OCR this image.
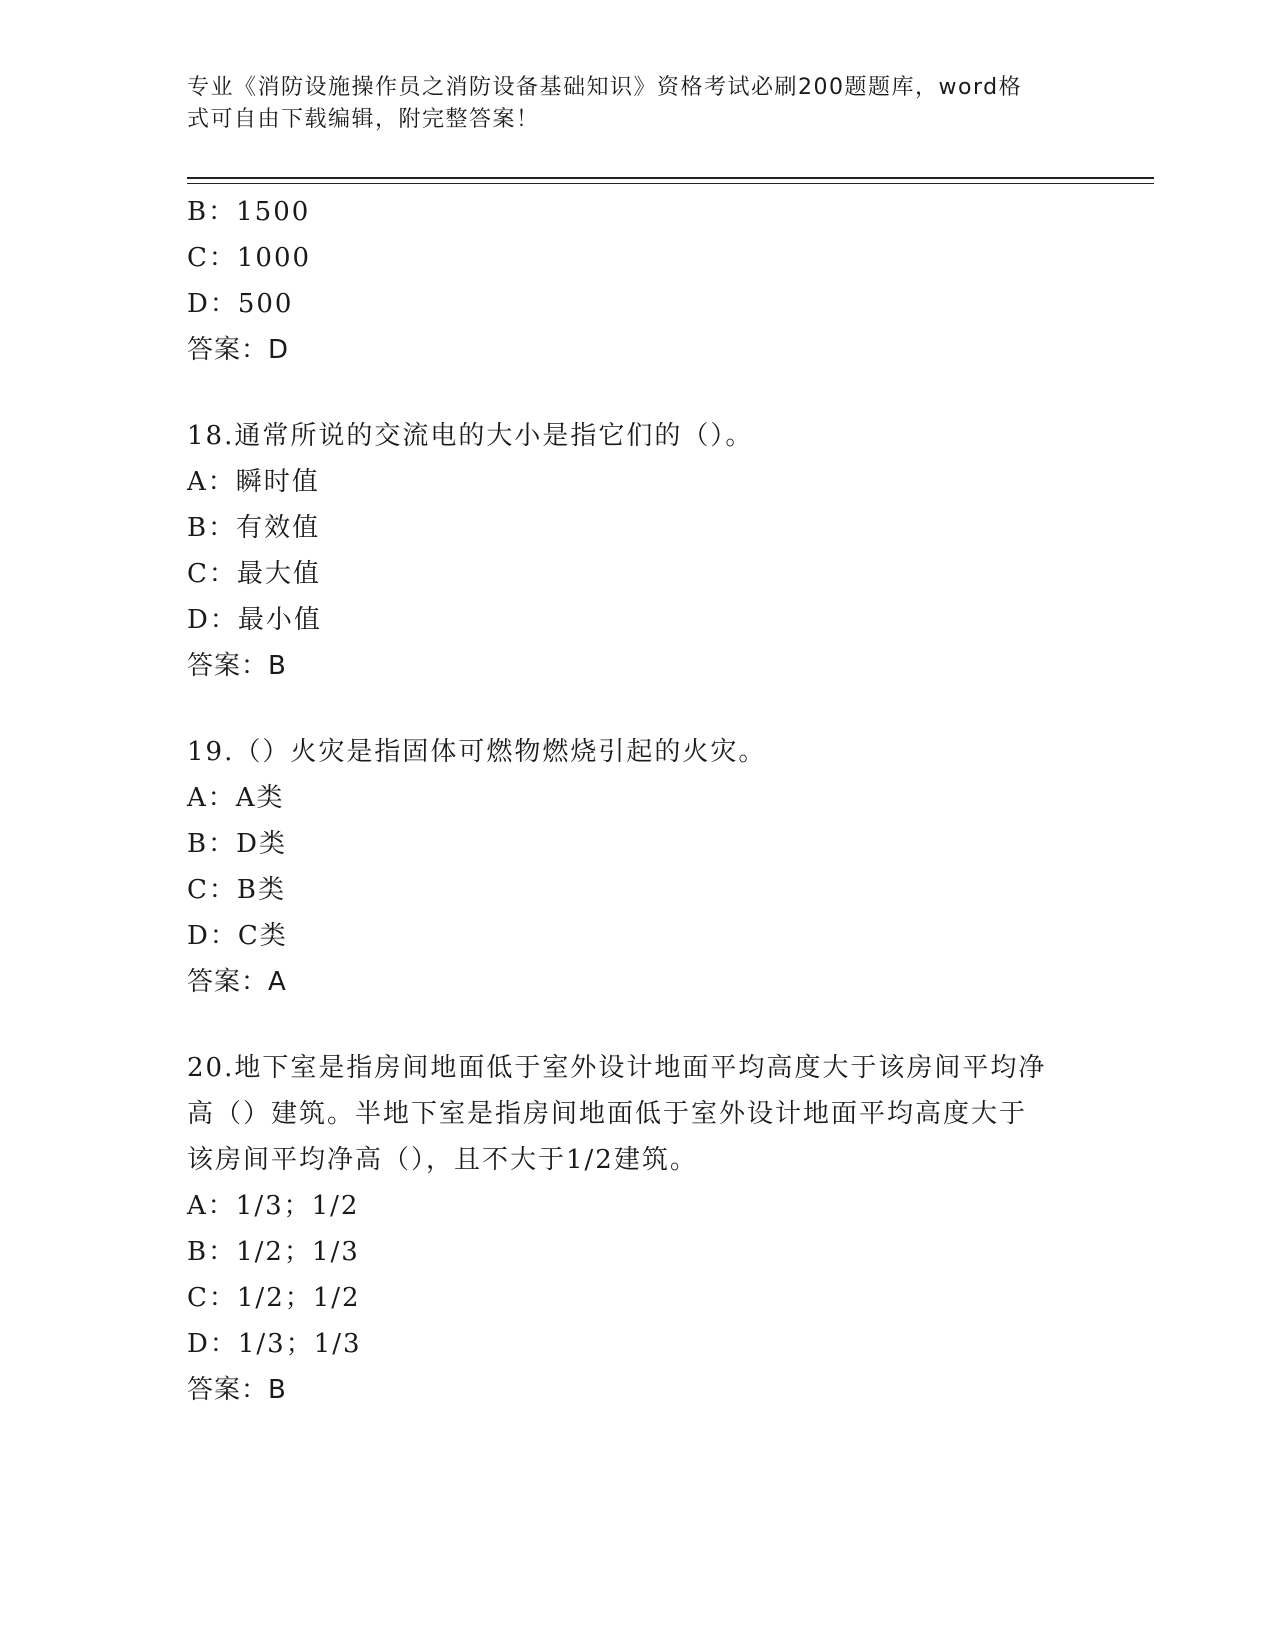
专业《消防设施操作员之消防设备基础知识》资格考试必刷200题题库，word格
式可自由下载编辑，附完整答案！
B：1500
C：1000
D：500
答案：D
18.通常所说的交流电的大小是指它们的（）。
A：瞬时值
B：有效值
C：最大值
D：最小值
答案：B
19.（）火灾是指固体可燃物燃烧引起的火灾。
A：A类
B：D类
C：B类
D：C类
答案：A
20.地下室是指房间地面低于室外设计地面平均高度大于该房间平均净
高（）建筑。半地下室是指房间地面低于室外设计地面平均高度大于
该房间平均净高（），且不大于1/2建筑。
A：1/3；1/2
B：1/2；1/3
C：1/2；1/2
D：1/3；1/3
答案：B
